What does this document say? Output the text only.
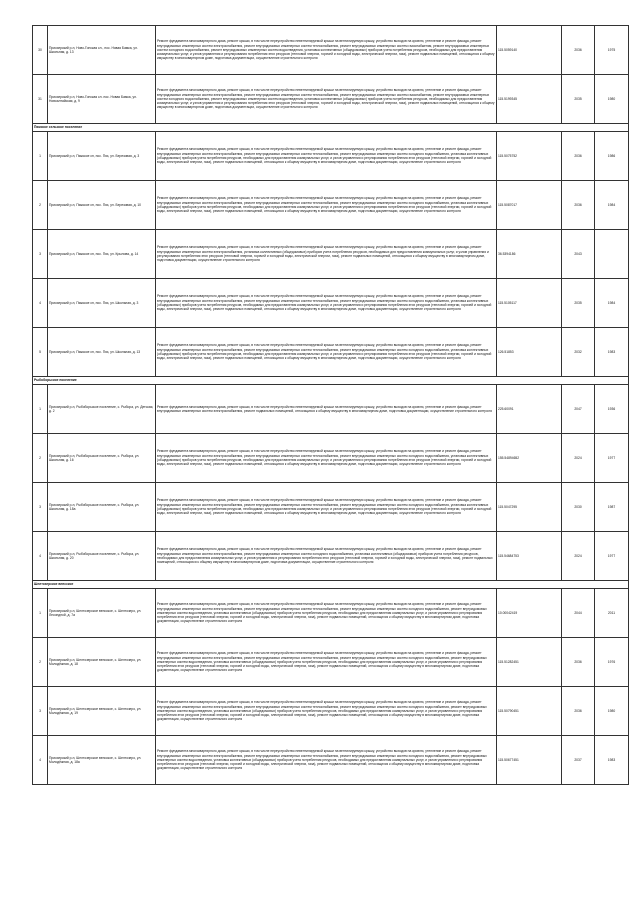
30	Приозерский р-н, Ново-Гонская сл., пос. Новая Бамка, ул. Школьная, д. 13	Ремонт фундамента многоквартирного дома, ремонт крыши, в том числе переустройство невентилируемой крыши на вентилируемую крышу, устройство выходов на кровлю, утепление и ремонт фасада, ремонт внутридомовых инженерных систем электроснабжения, ремонт внутридомовых инженерных систем теплоснабжения, ремонт внутридомовых инженерных систем газоснабжения, ремонт внутридомовых инженерных систем холодного водоснабжения, ремонт внутридомовых инженерных систем водоотведения, установка коллективных (общедомовых) приборов учета потребления ресурсов, необходимых для предоставления коммунальных услуг, и узлов управления и регулирования потребления этих ресурсов (тепловой энергии, горячей и холодной воды, электрической энергии, газа), ремонт подвальных помещений, относящихся к общему имуществу в многоквартирном доме, подготовка документации, осуществление строительного контроля	115.5059140	2036	1975
31	Приозерский р-н, Ново-Гонская сл. пос. Новая Бамка, ул. Новоалтайская, д. 9	Ремонт фундамента многоквартирного дома, ремонт крыши, в том числе переустройство невентилируемой крыши на вентилируемую крышу, устройство выходов на кровлю, утепление и ремонт фасада, ремонт внутридомовых инженерных систем электроснабжения, ремонт внутридомовых инженерных систем теплоснабжения, ремонт внутридомовых инженерных систем газоснабжения, ремонт внутридомовых инженерных систем холодного водоснабжения, ремонт внутридомовых инженерных систем водоотведения, установка коллективных (общедомовых) приборов учета потребления ресурсов, необходимых для предоставления коммунальных услуг, и узлов управления и регулирования потребления этих ресурсов (тепловой энергии, горячей и холодной воды, электрической энергии, газа), ремонт подвальных помещений, относящихся к общему имуществу в многоквартирном доме, подготовка документации, осуществление строительного контроля	115.5199345	2035	1980
Пяжское сельское поселение					
1	Приозерский р-н, Пяжское сп, пос. Пяз, ул. Березовая, д. 3	Ремонт фундамента многоквартирного дома, ремонт крыши, в том числе переустройство невентилируемой крыши на вентилируемую крышу, устройство выходов на кровлю, утепление и ремонт фасада, ремонт внутридомовых инженерных систем электроснабжения, ремонт внутридомовых инженерных систем теплоснабжения, ремонт внутридомовых инженерных систем холодного водоснабжения, установка коллективных (общедомовых) приборов учета потребления ресурсов, необходимых для предоставления коммунальных услуг, и узлов управления и регулирования потребления этих ресурсов (тепловой энергии, горячей и холодной воды, электрической энергии, газа), ремонт подвальных помещений, относящихся к общему имуществу в многоквартирном доме, подготовка документации, осуществление строительного контроля	115.5075752	2036	1986
2	Приозерский р-н, Пяжское сп, пос. Пяз, ул. Березовая, д. 10	Ремонт фундамента многоквартирного дома, ремонт крыши, в том числе переустройство невентилируемой крыши на вентилируемую крышу, устройство выходов на кровлю, утепление и ремонт фасада, ремонт внутридомовых инженерных систем электроснабжения, ремонт внутридомовых инженерных систем теплоснабжения, ремонт внутридомовых инженерных систем холодного водоснабжения, установка коллективных (общедомовых) приборов учета потребления ресурсов, необходимых для предоставления коммунальных услуг, и узлов управления и регулирования потребления этих ресурсов (тепловой энергии, горячей и холодной воды, электрической энергии, газа), ремонт подвальных помещений, относящихся к общему имуществу в многоквартирном доме, подготовка документации, осуществление строительного контроля	115.5087017	2036	1984
3	Приозерский р-н, Пяжское сп, пос. Пяз, ул. Крылова, д. 14	Ремонт фундамента многоквартирного дома, ремонт крыши, в том числе переустройство невентилируемой крыши на вентилируемую крышу, устройство выходов на кровлю, утепление и ремонт фасада, ремонт внутридомовых инженерных систем электроснабжения, установка коллективных (общедомовых) приборов учета потребления ресурсов, необходимых для предоставления коммунальных услуг, и узлов управления и регулирования потребления этих ресурсов (тепловой энергии, горячей и холодной воды, электрической энергии, газа), ремонт подвальных помещений, относящихся к общему имуществу в многоквартирном доме, подготовка документации, осуществление строительного контроля	36.5394186	2043	
4	Приозерский р-н, Пяжское сп, пос. Пяз, ул. Школьная, д. 3	Ремонт фундамента многоквартирного дома, ремонт крыши, в том числе переустройство невентилируемой крыши на вентилируемую крышу, устройство выходов на кровлю, утепление и ремонт фасада, ремонт внутридомовых инженерных систем электроснабжения, ремонт внутридомовых инженерных систем теплоснабжения, ремонт внутридомовых инженерных систем холодного водоснабжения, установка коллективных (общедомовых) приборов учета потребления ресурсов, необходимых для предоставления коммунальных услуг, и узлов управления и регулирования потребления этих ресурсов (тепловой энергии, горячей и холодной воды, электрической энергии, газа), ремонт подвальных помещений, относящихся к общему имуществу в многоквартирном доме, подготовка документации, осуществление строительного контроля	115.5105117	2035	1984
5	Приозерский р-н, Пяжское сп, пос. Пяз, ул. Школьная, д. 13	Ремонт фундамента многоквартирного дома, ремонт крыши, в том числе переустройство невентилируемой крыши на вентилируемую крышу, устройство выходов на кровлю, утепление и ремонт фасада, ремонт внутридомовых инженерных систем электроснабжения, ремонт внутридомовых инженерных систем теплоснабжения, ремонт внутридомовых инженерных систем холодного водоснабжения, установка коллективных (общедомовых) приборов учета потребления ресурсов, необходимых для предоставления коммунальных услуг, и узлов управления и регулирования потребления этих ресурсов (тепловой энергии, горячей и холодной воды, электрической энергии, газа), ремонт подвальных помещений, относящихся к общему имуществу в многоквартирном доме, подготовка документации, осуществление строительного контроля	126.51853	2032	1983
Рыбоборьское поселение					
1	Приозерский р-н, Рыбоборьское поселение, с. Рыбора, ул. Детская, д. 2	Ремонт фундамента многоквартирного дома, ремонт крыши, в том числе переустройство невентилируемой крыши на вентилируемую крышу, устройство выходов на кровлю, утепление и ремонт фасада, ремонт внутридомовых инженерных систем электроснабжения, ремонт подвальных помещений, относящихся к общему имуществу в многоквартирном доме, подготовка документации, осуществление строительного контроля	225.60091	2047	1936
2	Приозерский р-н, Рыбоборьское поселение, с. Рыбора, ул. Школьная, д. 16	Ремонт фундамента многоквартирного дома, ремонт крыши, в том числе переустройство невентилируемой крыши на вентилируемую крышу, устройство выходов на кровлю, утепление и ремонт фасада, ремонт внутридомовых инженерных систем электроснабжения, ремонт внутридомовых инженерных систем теплоснабжения, ремонт внутридомовых инженерных систем холодного водоснабжения, установка коллективных (общедомовых) приборов учета потребления ресурсов, необходимых для предоставления коммунальных услуг, и узлов управления и регулирования потребления этих ресурсов (тепловой энергии, горячей и холодной воды, электрической энергии, газа), ремонт подвальных помещений, относящихся к общему имуществу в многоквартирном доме, подготовка документации, осуществление строительного контроля	155.54894652	2024	1977
3	Приозерский р-н, Рыбоборьское поселение, с. Рыбора, ул. Школьная, д. 18а	Ремонт фундамента многоквартирного дома, ремонт крыши, в том числе переустройство невентилируемой крыши на вентилируемую крышу, устройство выходов на кровлю, утепление и ремонт фасада, ремонт внутридомовых инженерных систем электроснабжения, ремонт внутридомовых инженерных систем теплоснабжения, ремонт внутридомовых инженерных систем холодного водоснабжения, установка коллективных (общедомовых) приборов учета потребления ресурсов, необходимых для предоставления коммунальных услуг, и узлов управления и регулирования потребления этих ресурсов (тепловой энергии, горячей и холодной воды, электрической энергии, газа), ремонт подвальных помещений, относящихся к общему имуществу в многоквартирном доме, подготовка документации, осуществление строительного контроля	115.5047295	2030	1987
4	Приозерский р-н, Рыбоборьское поселение, с. Рыбора, ул. Школьная, д. 20	Ремонт фундамента многоквартирного дома, ремонт крыши, в том числе переустройство невентилируемой крыши на вентилируемую крышу, устройство выходов на кровлю, утепление и ремонт фасада, ремонт внутридомовых инженерных систем электроснабжения, ремонт внутридомовых инженерных систем холодного водоснабжения, установка коллективных (общедомовых) приборов учета потребления ресурсов, необходимых для предоставления коммунальных услуг, и узлов управления и регулирования потребления этих ресурсов (тепловой энергии, горячей и холодной воды, электрической энергии, газа), ремонт подвальных помещений, относящихся к общему имуществу в многоквартирном доме, подготовка документации, осуществление строительного контроля	115.54684753	2024	1977
Шелтозерское вепсское					
1	Приозерский р-н, Шелтозерское вепсское, с. Шелтозеро, ул. Лесопдной, д. 7а	Ремонт фундамента многоквартирного дома, ремонт крыши, в том числе переустройство невентилируемой крыши на вентилируемую крышу, устройство выходов на кровлю, утепление и ремонт фасада, ремонт внутридомовых инженерных систем электроснабжения, ремонт внутридомовых инженерных систем теплоснабжения, ремонт внутридомовых инженерных систем холодного водоснабжения, ремонт внутридомовых инженерных систем водоотведения, установка коллективных (общедомовых) приборов учета потребления ресурсов, необходимых для предоставления коммунальных услуг, и узлов управления и регулирования потребления этих ресурсов (тепловой энергии, горячей и холодной воды, электрической энергии, газа), ремонт подвальных помещений, относящихся к общему имуществу в многоквартирном доме, подготовка документации, осуществление строительного контроля	10.00042419	2044	2011
2	Приозерский р-н, Шелтозерское вепсское, с. Шелтозеро, ул. Молодёжная, д. 18	Ремонт фундамента многоквартирного дома, ремонт крыши, в том числе переустройство невентилируемой крыши на вентилируемую крышу, устройство выходов на кровлю, утепление и ремонт фасада, ремонт внутридомовых инженерных систем электроснабжения, ремонт внутридомовых инженерных систем теплоснабжения, ремонт внутридомовых инженерных систем холодного водоснабжения, ремонт внутридомовых инженерных систем водоотведения, установка коллективных (общедомовых) приборов учета потребления ресурсов, необходимых для предоставления коммунальных услуг, и узлов управления и регулирования потребления этих ресурсов (тепловой энергии, горячей и холодной воды, электрической энергии, газа), ремонт подвальных помещений, относящихся к общему имуществу в многоквартирном доме, подготовка документации, осуществление строительного контроля	115.51282451	2036	1976
3	Приозерский р-н, Шелтозерское вепсское, с. Шелтозеро, ул. Молодёжная, д. 19	Ремонт фундамента многоквартирного дома, ремонт крыши, в том числе переустройство невентилируемой крыши на вентилируемую крышу, устройство выходов на кровлю, утепление и ремонт фасада, ремонт внутридомовых инженерных систем электроснабжения, ремонт внутридомовых инженерных систем теплоснабжения, ремонт внутридомовых инженерных систем холодного водоснабжения, ремонт внутридомовых инженерных систем водоотведения, установка коллективных (общедомовых) приборов учета потребления ресурсов, необходимых для предоставления коммунальных услуг, и узлов управления и регулирования потребления этих ресурсов (тепловой энергии, горячей и холодной воды, электрической энергии, газа), ремонт подвальных помещений, относящихся к общему имуществу в многоквартирном доме, подготовка документации, осуществление строительного контроля	115.50790451	2036	1980
4	Приозерский р-н, Шелтозерское вепсское, с. Шелтозеро, ул. Молодёжная, д. 18а	Ремонт фундамента многоквартирного дома, ремонт крыши, в том числе переустройство невентилируемой крыши на вентилируемую крышу, устройство выходов на кровлю, утепление и ремонт фасада, ремонт внутридомовых инженерных систем электроснабжения, ремонт внутридомовых инженерных систем теплоснабжения, ремонт внутридомовых инженерных систем холодного водоснабжения, ремонт внутридомовых инженерных систем водоотведения, установка коллективных (общедомовых) приборов учета потребления ресурсов, необходимых для предоставления коммунальных услуг, и узлов управления и регулирования потребления этих ресурсов (тепловой энергии, горячей и холодной воды, электрической энергии, газа), ремонт подвальных помещений, относящихся к общему имуществу в многоквартирном доме, подготовка документации, осуществление строительного контроля	115.50677451	2037	1983
